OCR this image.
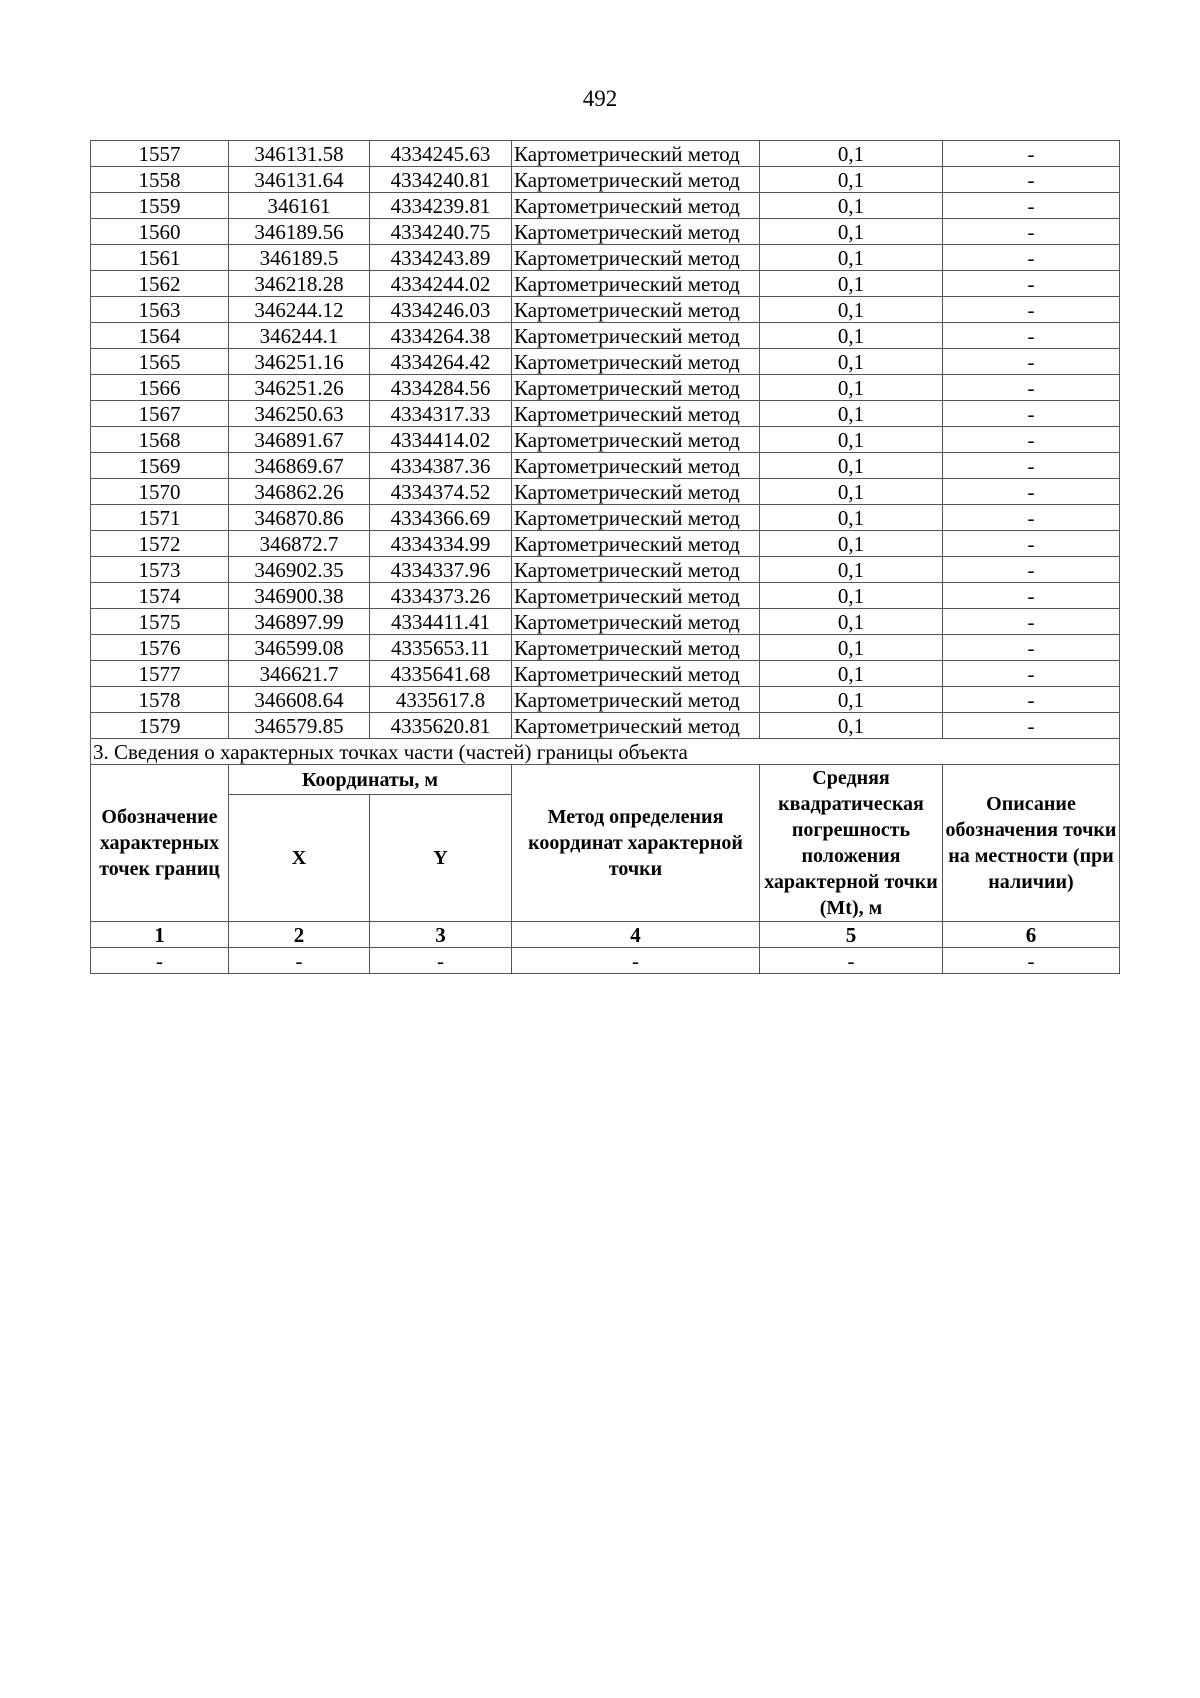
492
1557	346131.58	4334245.63	Картометрический метод	0,1	-
1558	346131.64	4334240.81	Картометрический метод	0,1	-
1559	346161	4334239.81	Картометрический метод	0,1	-
1560	346189.56	4334240.75	Картометрический метод	0,1	-
1561	346189.5	4334243.89	Картометрический метод	0,1	-
1562	346218.28	4334244.02	Картометрический метод	0,1	-
1563	346244.12	4334246.03	Картометрический метод	0,1	-
1564	346244.1	4334264.38	Картометрический метод	0,1	-
1565	346251.16	4334264.42	Картометрический метод	0,1	-
1566	346251.26	4334284.56	Картометрический метод	0,1	-
1567	346250.63	4334317.33	Картометрический метод	0,1	-
1568	346891.67	4334414.02	Картометрический метод	0,1	-
1569	346869.67	4334387.36	Картометрический метод	0,1	-
1570	346862.26	4334374.52	Картометрический метод	0,1	-
1571	346870.86	4334366.69	Картометрический метод	0,1	-
1572	346872.7	4334334.99	Картометрический метод	0,1	-
1573	346902.35	4334337.96	Картометрический метод	0,1	-
1574	346900.38	4334373.26	Картометрический метод	0,1	-
1575	346897.99	4334411.41	Картометрический метод	0,1	-
1576	346599.08	4335653.11	Картометрический метод	0,1	-
1577	346621.7	4335641.68	Картометрический метод	0,1	-
1578	346608.64	4335617.8	Картометрический метод	0,1	-
1579	346579.85	4335620.81	Картометрический метод	0,1	-
3. Сведения о характерных точках части (частей) границы объекта					
Обозначение характерных точек границ	Координаты, м		Метод определения координат характерной точки	Средняя квадратическая погрешность положения характерной точки (Mt), м	Описание обозначения точки на местности (при наличии)
	X	Y			
1	2	3	4	5	6
-	-	-	-	-	-
